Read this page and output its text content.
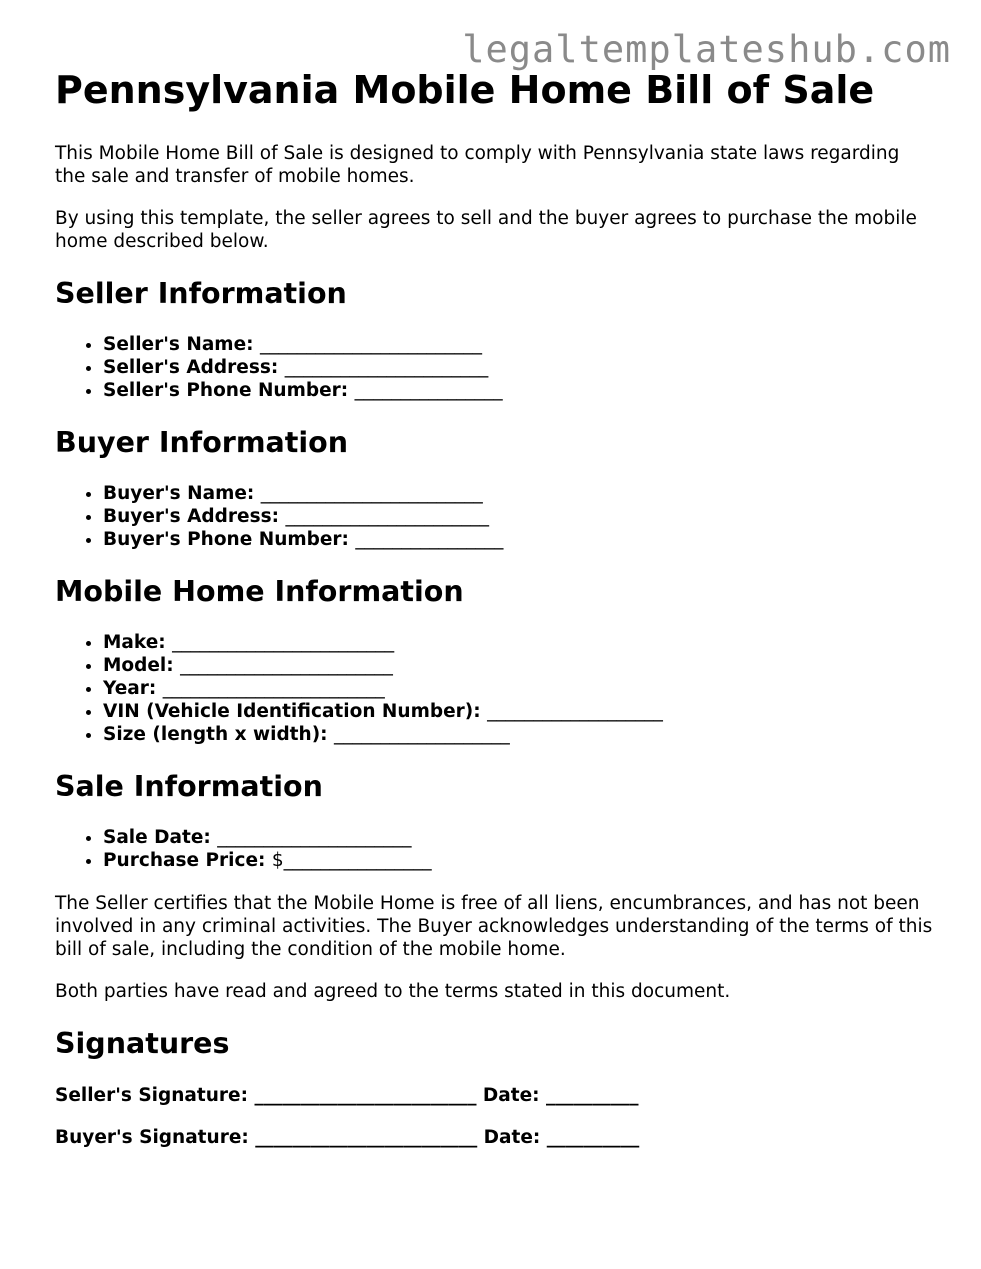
legaltemplateshub.com
Pennsylvania Mobile Home Bill of Sale

This Mobile Home Bill of Sale is designed to comply with Pennsylvania state laws regarding the sale and transfer of mobile homes.

By using this template, the seller agrees to sell and the buyer agrees to purchase the mobile home described below.

Seller Information
• Seller's Name: ________________________
• Seller's Address: ______________________
• Seller's Phone Number: ________________
Buyer Information
• Buyer's Name: ________________________
• Buyer's Address: ______________________
• Buyer's Phone Number: ________________
Mobile Home Information
• Make: ________________________
• Model: _______________________
• Year: ________________________
• VIN (Vehicle Identification Number): ___________________
• Size (length x width): ___________________
Sale Information
• Sale Date: _____________________
• Purchase Price: $________________

The Seller certifies that the Mobile Home is free of all liens, encumbrances, and has not been involved in any criminal activities. The Buyer acknowledges understanding of the terms of this bill of sale, including the condition of the mobile home.

Both parties have read and agreed to the terms stated in this document.

Signatures
Seller's Signature: ________________________ Date: __________
Buyer's Signature: ________________________ Date: __________
